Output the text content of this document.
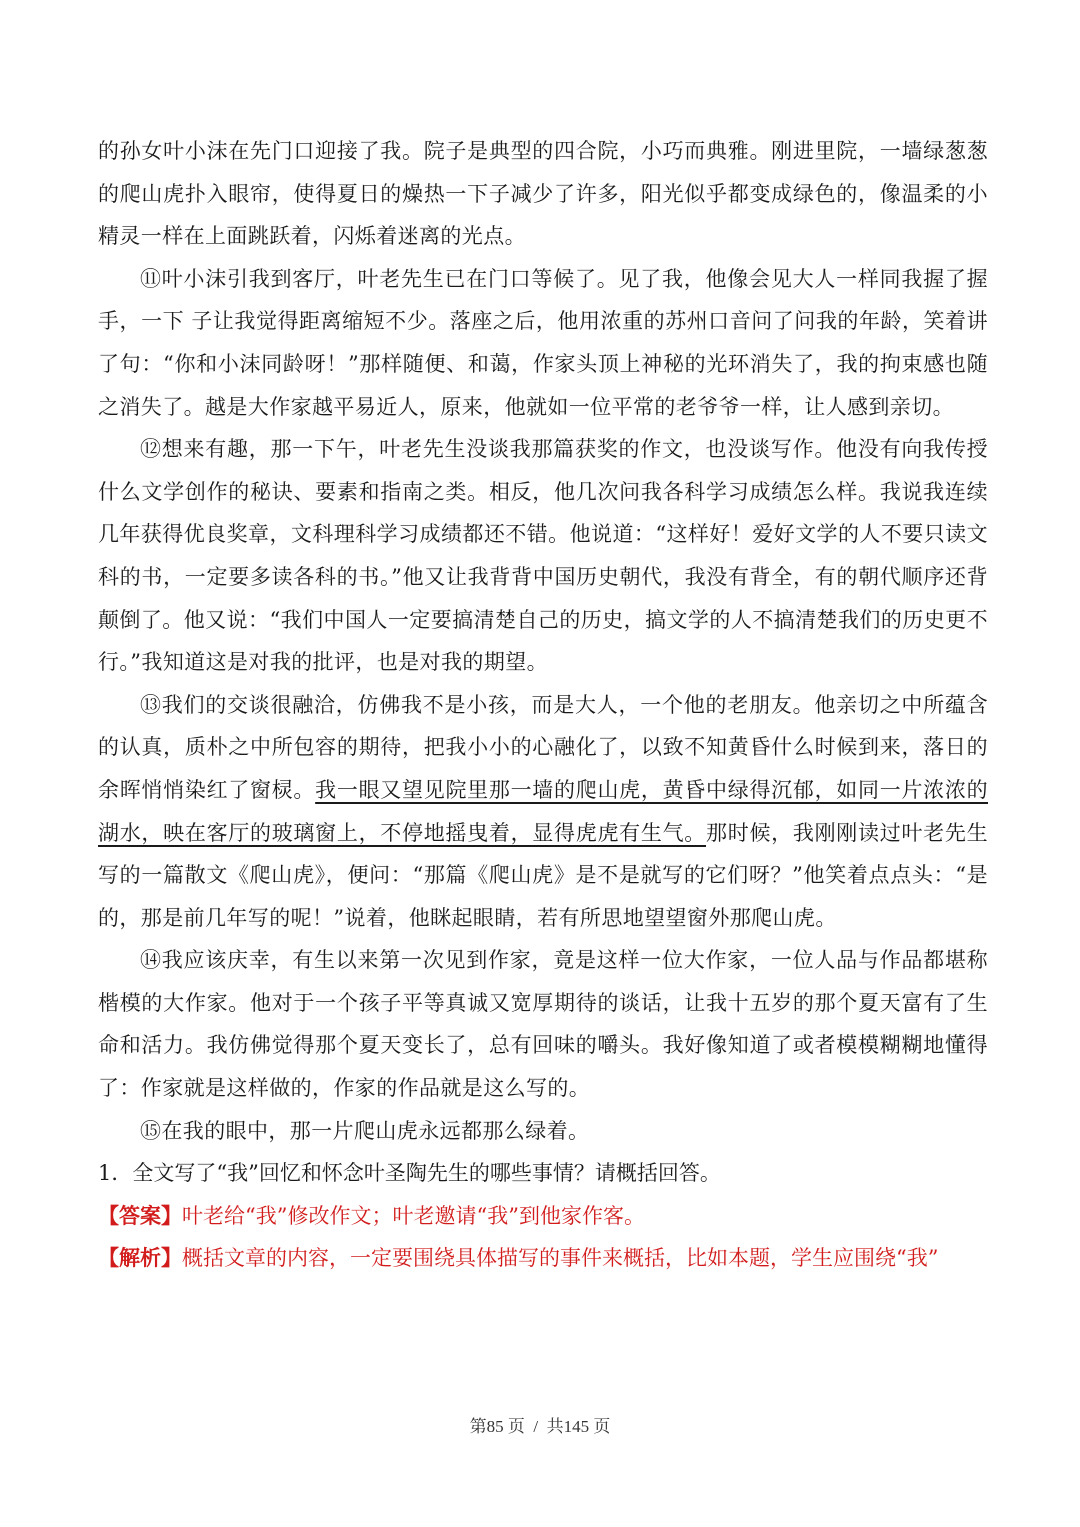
的孙女叶小沫在先门口迎接了我。院子是典型的四合院，小巧而典雅。刚进里院，一墙绿葱葱的爬山虎扑入眼帘，使得夏日的燥热一下子减少了许多，阳光似乎都变成绿色的，像温柔的小精灵一样在上面跳跃着，闪烁着迷离的光点。

⑪叶小沫引我到客厅，叶老先生已在门口等候了。见了我，他像会见大人一样同我握了握手，一下 子让我觉得距离缩短不少。落座之后，他用浓重的苏州口音问了问我的年龄，笑着讲了句：“你和小沫同龄呀！”那样随便、和蔼，作家头顶上神秘的光环消失了，我的拘束感也随之消失了。越是大作家越平易近人，原来，他就如一位平常的老爷爷一样，让人感到亲切。

⑫想来有趣，那一下午，叶老先生没谈我那篇获奖的作文，也没谈写作。他没有向我传授什么文学创作的秘诀、要素和指南之类。相反，他几次问我各科学习成绩怎么样。我说我连续几年获得优良奖章，文科理科学习成绩都还不错。他说道：“这样好！爱好文学的人不要只读文科的书，一定要多读各科的书。”他又让我背背中国历史朝代，我没有背全，有的朝代顺序还背颠倒了。他又说：“我们中国人一定要搞清楚自己的历史，搞文学的人不搞清楚我们的历史更不行。”我知道这是对我的批评，也是对我的期望。

⑬我们的交谈很融洽，仿佛我不是小孩，而是大人，一个他的老朋友。他亲切之中所蕴含的认真，质朴之中所包容的期待，把我小小的心融化了，以致不知黄昏什么时候到来，落日的余晖悄悄染红了窗棂。我一眼又望见院里那一墙的爬山虎，黄昏中绿得沉郁，如同一片浓浓的湖水，映在客厅的玻璃窗上，不停地摇曳着，显得虎虎有生气。那时候，我刚刚读过叶老先生写的一篇散文《爬山虎》，便问：“那篇《爬山虎》是不是就写的它们呀？”他笑着点点头：“是的，那是前几年写的呢！”说着，他眯起眼睛，若有所思地望望窗外那爬山虎。

⑭我应该庆幸，有生以来第一次见到作家，竟是这样一位大作家，一位人品与作品都堪称楷模的大作家。他对于一个孩子平等真诚又宽厚期待的谈话，让我十五岁的那个夏天富有了生命和活力。我仿佛觉得那个夏天变长了，总有回味的嚼头。我好像知道了或者模模糊糊地懂得了：作家就是这样做的，作家的作品就是这么写的。

⑮在我的眼中，那一片爬山虎永远都那么绿着。

1．全文写了“我”回忆和怀念叶圣陶先生的哪些事情？请概括回答。

【答案】叶老给“我”修改作文；叶老邀请“我”到他家作客。

【解析】概括文章的内容，一定要围绕具体描写的事件来概括，比如本题，学生应围绕“我”

第85 页  /  共145 页
